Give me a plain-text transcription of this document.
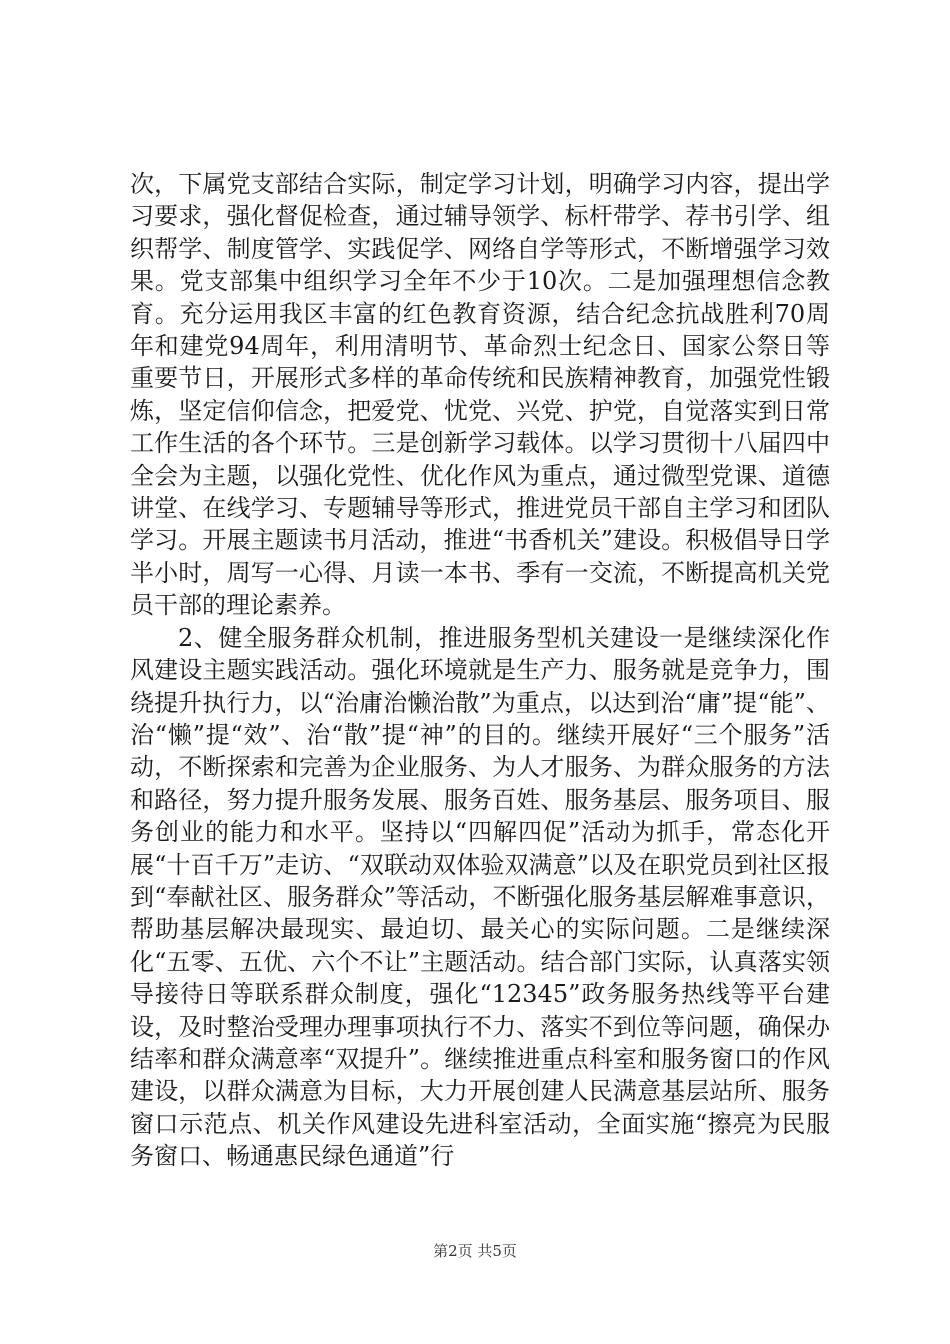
次，下属党支部结合实际，制定学习计划，明确学习内容，提出学习要求，强化督促检查，通过辅导领学、标杆带学、荐书引学、组织帮学、制度管学、实践促学、网络自学等形式，不断增强学习效果。党支部集中组织学习全年不少于10次。二是加强理想信念教育。充分运用我区丰富的红色教育资源，结合纪念抗战胜利70周年和建党94周年，利用清明节、革命烈士纪念日、国家公祭日等重要节日，开展形式多样的革命传统和民族精神教育，加强党性锻炼，坚定信仰信念，把爱党、忧党、兴党、护党，自觉落实到日常工作生活的各个环节。三是创新学习载体。以学习贯彻十八届四中全会为主题，以强化党性、优化作风为重点，通过微型党课、道德讲堂、在线学习、专题辅导等形式，推进党员干部自主学习和团队学习。开展主题读书月活动，推进“书香机关”建设。积极倡导日学半小时，周写一心得、月读一本书、季有一交流，不断提高机关党员干部的理论素养。

2、健全服务群众机制，推进服务型机关建设一是继续深化作风建设主题实践活动。强化环境就是生产力、服务就是竞争力，围绕提升执行力，以“治庸治懒治散”为重点，以达到治“庸”提“能”、治“懒”提“效”、治“散”提“神”的目的。继续开展好“三个服务”活动，不断探索和完善为企业服务、为人才服务、为群众服务的方法和路径，努力提升服务发展、服务百姓、服务基层、服务项目、服务创业的能力和水平。坚持以“四解四促”活动为抓手，常态化开展“十百千万”走访、“双联动双体验双满意”以及在职党员到社区报到“奉献社区、服务群众”等活动，不断强化服务基层解难事意识，帮助基层解决最现实、最迫切、最关心的实际问题。二是继续深化“五零、五优、六个不让”主题活动。结合部门实际，认真落实领导接待日等联系群众制度，强化“12345”政务服务热线等平台建设，及时整治受理办理事项执行不力、落实不到位等问题，确保办结率和群众满意率“双提升”。继续推进重点科室和服务窗口的作风建设，以群众满意为目标，大力开展创建人民满意基层站所、服务窗口示范点、机关作风建设先进科室活动，全面实施“擦亮为民服务窗口、畅通惠民绿色通道”行

第2页 共5页
